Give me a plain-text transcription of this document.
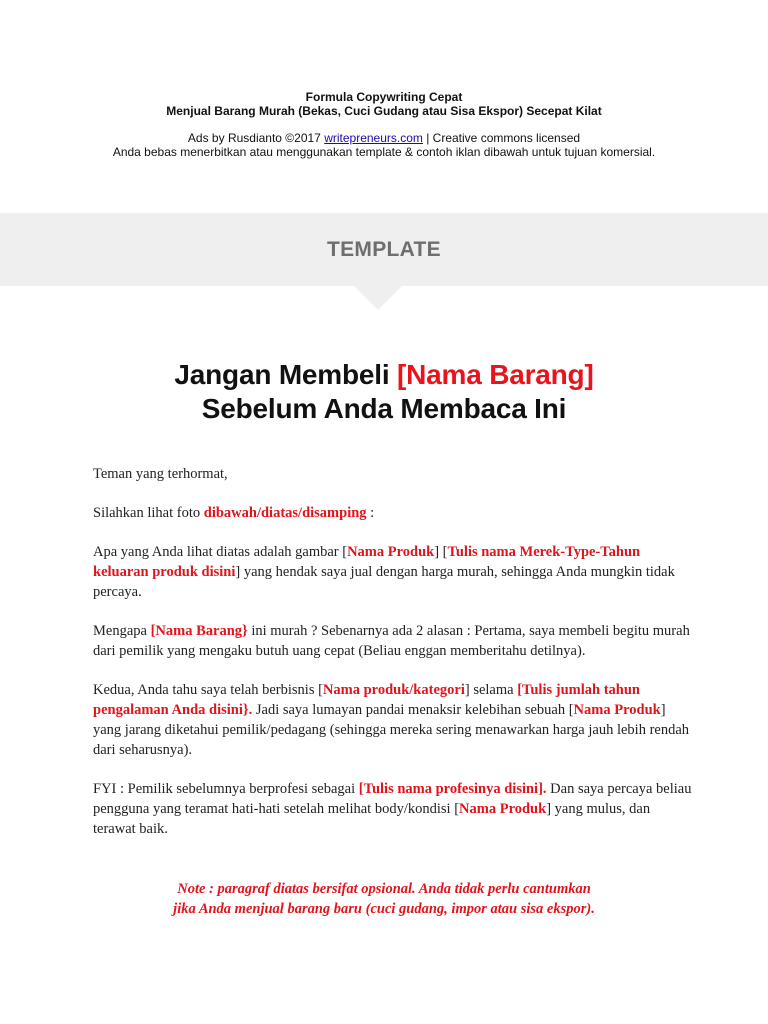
Formula Copywriting Cepat
Menjual Barang Murah (Bekas, Cuci Gudang atau Sisa Ekspor) Secepat Kilat
Ads by Rusdianto ©2017 writepreneurs.com | Creative commons licensed
Anda bebas menerbitkan atau menggunakan template & contoh iklan dibawah untuk tujuan komersial.
TEMPLATE
Jangan Membeli [Nama Barang]
Sebelum Anda Membaca Ini

Teman yang terhormat,

Silahkan lihat foto dibawah/diatas/disamping :

Apa yang Anda lihat diatas adalah gambar [Nama Produk] [Tulis nama Merek-Type-Tahun keluaran produk disini] yang hendak saya jual dengan harga murah, sehingga Anda mungkin tidak percaya.

Mengapa [Nama Barang} ini murah ? Sebenarnya ada 2 alasan : Pertama, saya membeli begitu murah dari pemilik yang mengaku butuh uang cepat (Beliau enggan memberitahu detilnya).

Kedua, Anda tahu saya telah berbisnis [Nama produk/kategori] selama [Tulis jumlah tahun pengalaman Anda disini}. Jadi saya lumayan pandai menaksir kelebihan sebuah [Nama Produk] yang jarang diketahui pemilik/pedagang (sehingga mereka sering menawarkan harga jauh lebih rendah dari seharusnya).

FYI : Pemilik sebelumnya berprofesi sebagai [Tulis nama profesinya disini]. Dan saya percaya beliau pengguna yang teramat hati-hati setelah melihat body/kondisi [Nama Produk] yang mulus, dan terawat baik.

Note : paragraf diatas bersifat opsional. Anda tidak perlu cantumkan
jika Anda menjual barang baru (cuci gudang, impor atau sisa ekspor).
